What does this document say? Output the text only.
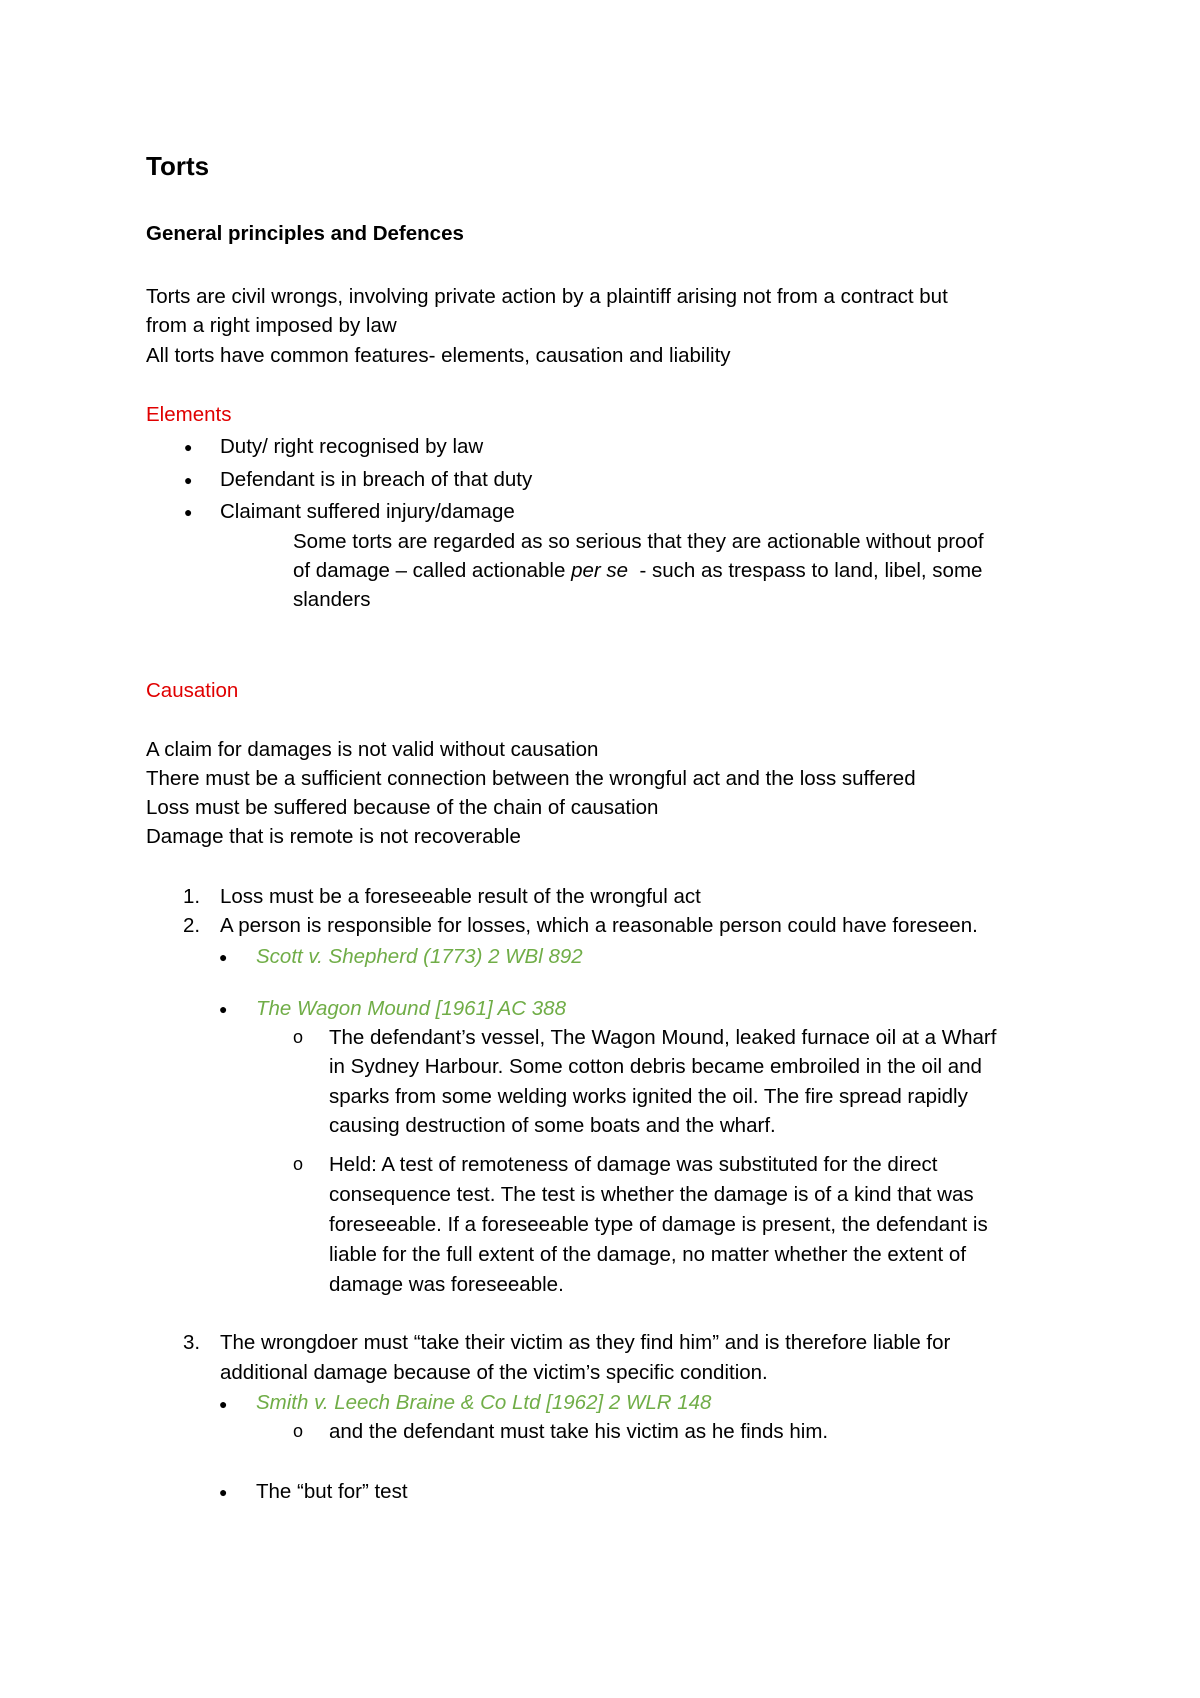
Torts
General principles and Defences
Torts are civil wrongs, involving private action by a plaintiff arising not from a contract but
from a right imposed by law
All torts have common features- elements, causation and liability
Elements
● Duty/ right recognised by law
● Defendant is in breach of that duty
● Claimant suffered injury/damage
Some torts are regarded as so serious that they are actionable without proof
of damage – called actionable per se  - such as trespass to land, libel, some
slanders
Causation
A claim for damages is not valid without causation
There must be a sufficient connection between the wrongful act and the loss suffered
Loss must be suffered because of the chain of causation
Damage that is remote is not recoverable
1. Loss must be a foreseeable result of the wrongful act
2. A person is responsible for losses, which a reasonable person could have foreseen.
● Scott v. Shepherd (1773) 2 WBl 892
● The Wagon Mound [1961] AC 388
o The defendant’s vessel, The Wagon Mound, leaked furnace oil at a Wharf
in Sydney Harbour. Some cotton debris became embroiled in the oil and
sparks from some welding works ignited the oil. The fire spread rapidly
causing destruction of some boats and the wharf.
o Held: A test of remoteness of damage was substituted for the direct
consequence test. The test is whether the damage is of a kind that was
foreseeable. If a foreseeable type of damage is present, the defendant is
liable for the full extent of the damage, no matter whether the extent of
damage was foreseeable.
3. The wrongdoer must “take their victim as they find him” and is therefore liable for
additional damage because of the victim’s specific condition.
● Smith v. Leech Braine & Co Ltd [1962] 2 WLR 148
o and the defendant must take his victim as he finds him.
● The “but for” test
